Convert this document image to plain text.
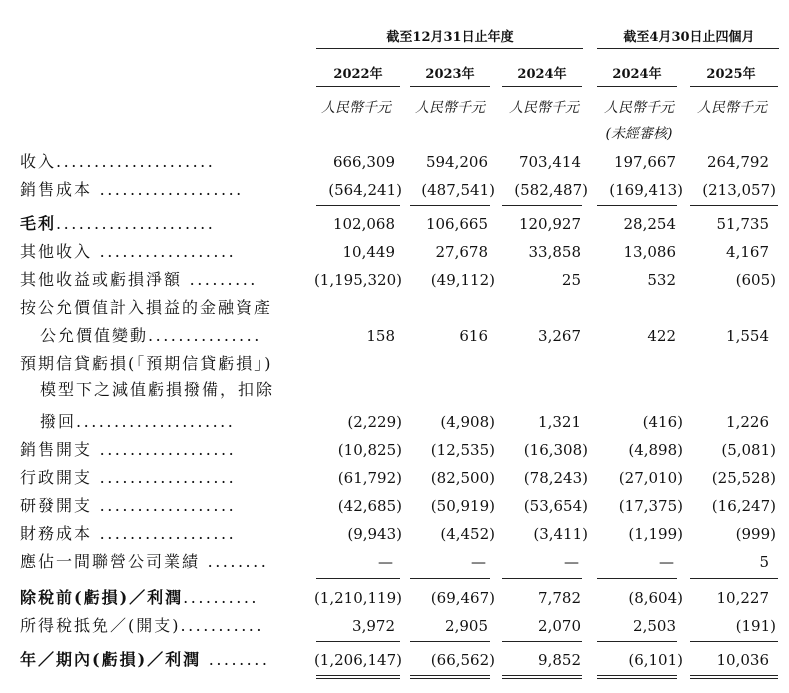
截至12月31日止年度	截至4月30日止四個月
2022年	2023年	2024年	2024年	2025年
人民幣千元	人民幣千元	人民幣千元	人民幣千元	人民幣千元
(未經審核)
收入.....................	666,309 594,206 703,414 197,667 264,792
銷售成本 ...................	(564,241) (487,541) (582,487) (169,413) (213,057)
毛利.....................	102,068 106,665 120,927	28,254	51,735
其他收入 ..................	10,449	27,678	33,858	13,086	4,167
其他收益或虧損淨額 .........	(1,195,320) (49,112)	25	532	(605)
按公允價值計入損益的金融資產
公允價值變動...............	158	616	3,267	422	1,554
預期信貸虧損(「預期信貸虧損」)
模型下之減值虧損撥備，扣除
撥回.....................	(2,229)	(4,908)	1,321	(416)	1,226
銷售開支 ..................	(10,825) (12,535) (16,308)	(4,898)	(5,081)
行政開支 ..................	(61,792) (82,500) (78,243) (27,010) (25,528)
研發開支 ..................	(42,685) (50,919) (53,654) (17,375) (16,247)
財務成本 ..................	(9,943)	(4,452)	(3,411)	(1,199)	(999)
應佔一間聯營公司業績 ........	—	—	—	—	5
除稅前(虧損)／利潤..........	(1,210,119) (69,467)	7,782	(8,604) 10,227
所得稅抵免／(開支)...........	3,972	2,905	2,070	2,503	(191)
年／期內(虧損)／利潤 ........	(1,206,147) (66,562)	9,852	(6,101) 10,036
